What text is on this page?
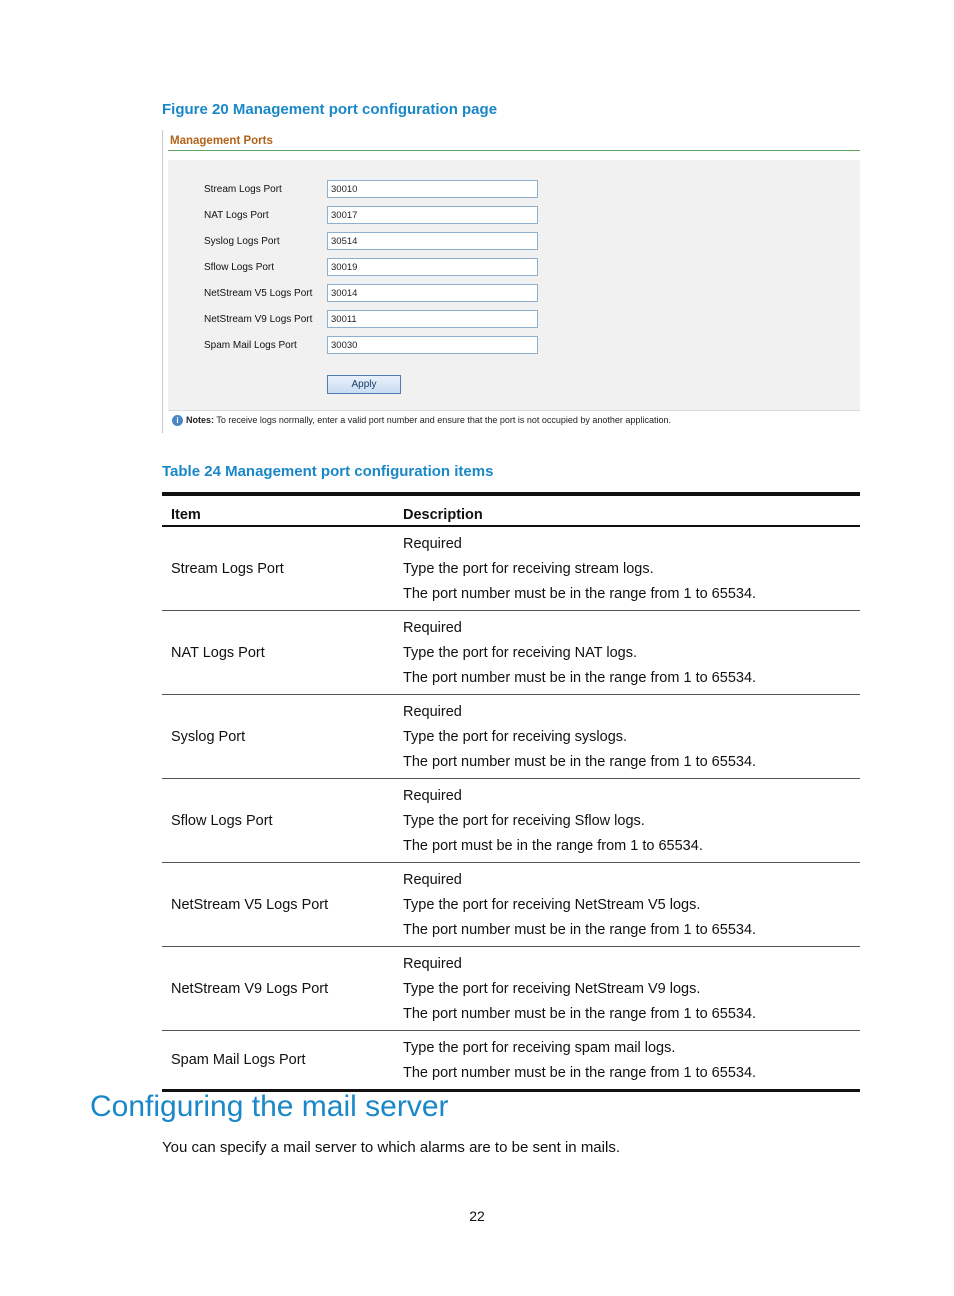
Figure 20 Management port configuration page

Management Ports
Stream Logs Port
30010
NAT Logs Port
30017
Syslog Logs Port
30514
Sflow Logs Port
30019
NetStream V5 Logs Port
30014
NetStream V9 Logs Port
30011
Spam Mail Logs Port
30030
Apply
i Notes: To receive logs normally, enter a valid port number and ensure that the port is not occupied by another application.

Table 24 Management port configuration items

Item	Description
Stream Logs Port	Required
Type the port for receiving stream logs.
The port number must be in the range from 1 to 65534.

NAT Logs Port	Required
Type the port for receiving NAT logs.
The port number must be in the range from 1 to 65534.

Syslog Port	Required
Type the port for receiving syslogs.
The port number must be in the range from 1 to 65534.

Sflow Logs Port	Required
Type the port for receiving Sflow logs.
The port must be in the range from 1 to 65534.

NetStream V5 Logs Port	Required
Type the port for receiving NetStream V5 logs.
The port number must be in the range from 1 to 65534.

NetStream V9 Logs Port	Required
Type the port for receiving NetStream V9 logs.
The port number must be in the range from 1 to 65534.

Spam Mail Logs Port	Type the port for receiving spam mail logs.
The port number must be in the range from 1 to 65534.
Configuring the mail server

You can specify a mail server to which alarms are to be sent in mails.

22
